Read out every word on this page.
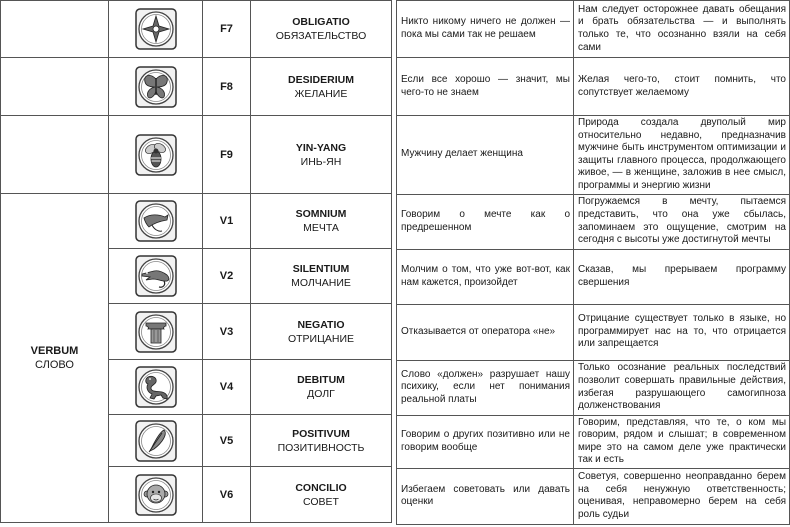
	F7	OBLIGATIO
ОБЯЗАТЕЛЬСТВО

	F8	DESIDERIUM
ЖЕЛАНИЕ

	F9	YIN-YANG
ИНЬ-ЯН

VERBUM
СЛОВО		V1	SOMNIUM
МЕЧТА

	V2	SILENTIUM
МОЛЧАНИЕ

	V3	NEGATIO
ОТРИЦАНИЕ

	V4	DEBITUM
ДОЛГ

	V5	POSITIVUM
ПОЗИТИВНОСТЬ

	V6	CONCILIO
СОВЕТ
Никто никому ничего не должен — пока мы сами так не решаем	Нам следует осторожнее давать обещания и брать обязательства — и выполнять только те, что осознанно взяли на себя сами
Если все хорошо — значит, мы чего-то не знаем	Желая чего-то, стоит помнить, что сопутствует желаемому
Мужчину делает женщина	Природа создала двуполый мир относительно недавно, предназначив мужчине быть инструментом оптимизации и защиты главного процесса, продолжающего живое, — в женщине, заложив в нее смысл, программы и энергию жизни
Говорим о мечте как о предрешенном	Погружаемся в мечту, пытаемся представить, что она уже сбылась, запоминаем это ощущение, смотрим на сегодня с высоты уже достигнутой мечты
Молчим о том, что уже вот-вот, как нам кажется, произойдет	Сказав, мы прерываем программу свершения
Отказывается от оператора «не»	Отрицание существует только в языке, но программирует нас на то, что отрицается или запрещается
Слово «должен» разрушает нашу психику, если нет понимания реальной платы	Только осознание реальных последствий позволит совершать правильные действия, избегая разрушающего самогипноза долженствования
Говорим о других позитивно или не говорим вообще	Говорим, представляя, что те, о ком мы говорим, рядом и слышат; в современном мире это на самом деле уже практически так и есть
Избегаем советовать или давать оценки	Советуя, совершенно неоправданно берем на себя ненужную ответственность; оценивая, неправомерно берем на себя роль судьи
